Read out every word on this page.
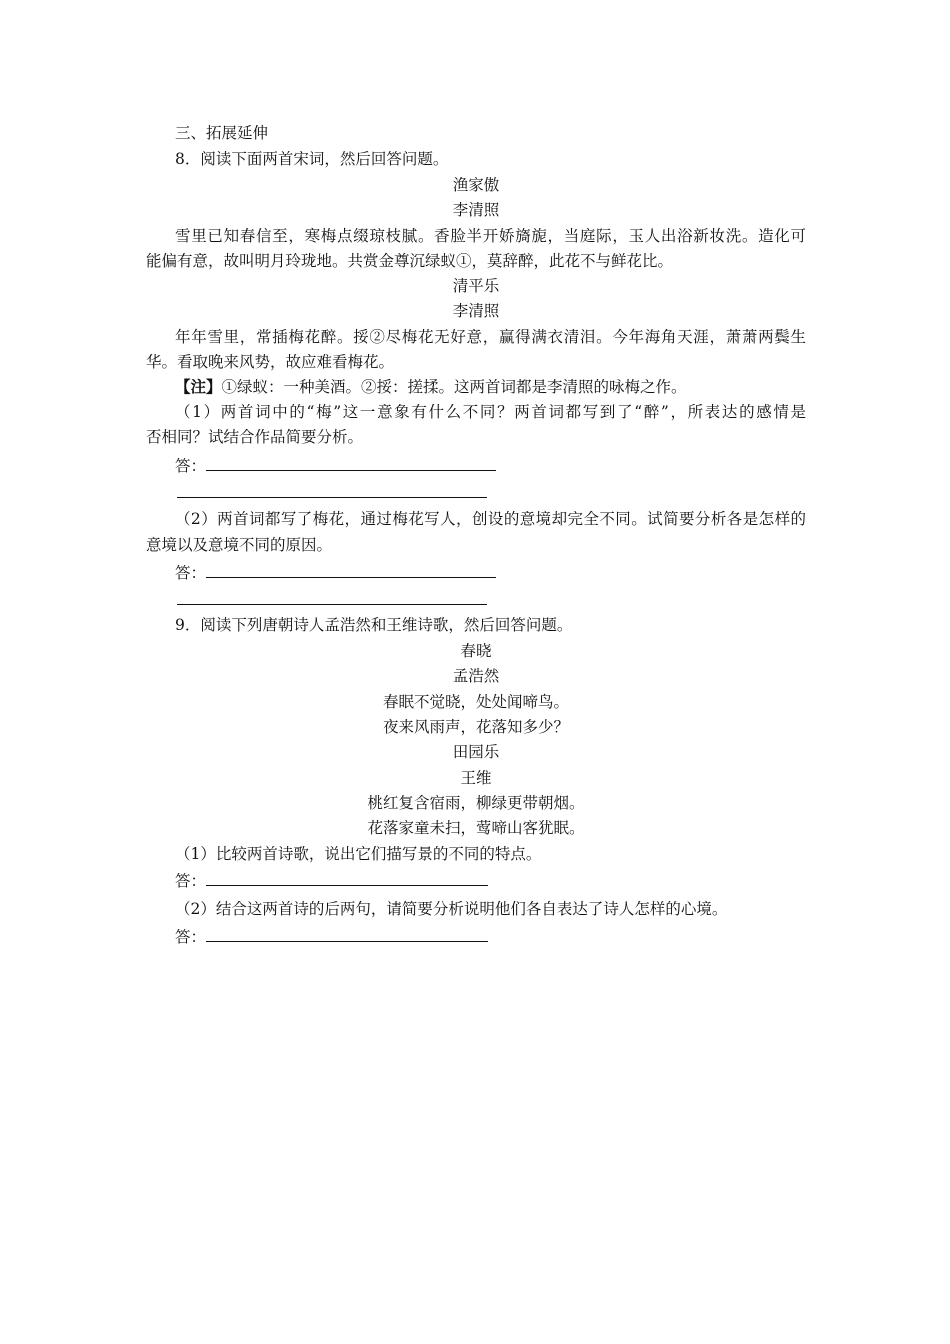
三、拓展延伸
8．阅读下面两首宋词，然后回答问题。
渔家傲
李清照
雪里已知春信至，寒梅点缀琼枝腻。香脸半开娇旖旎，当庭际，玉人出浴新妆洗。造化可
能偏有意，故叫明月玲珑地。共赏金尊沉绿蚁①，莫辞醉，此花不与鲜花比。
清平乐
李清照
年年雪里，常插梅花醉。挼②尽梅花无好意，赢得满衣清泪。今年海角天涯，萧萧两鬓生
华。看取晚来风势，故应难看梅花。
【注】①绿蚁：一种美酒。②挼：搓揉。这两首词都是李清照的咏梅之作。
（1）两首词中的“梅”这一意象有什么不同？两首词都写到了“醉”，所表达的感情是
否相同？试结合作品简要分析。
答：
（2）两首词都写了梅花，通过梅花写人，创设的意境却完全不同。试简要分析各是怎样的
意境以及意境不同的原因。
答：
9．阅读下列唐朝诗人孟浩然和王维诗歌，然后回答问题。
春晓
孟浩然
春眠不觉晓，处处闻啼鸟。
夜来风雨声，花落知多少？
田园乐
王维
桃红复含宿雨，柳绿更带朝烟。
花落家童未扫，莺啼山客犹眠。
（1）比较两首诗歌，说出它们描写景的不同的特点。
答：
（2）结合这两首诗的后两句，请简要分析说明他们各自表达了诗人怎样的心境。
答：
